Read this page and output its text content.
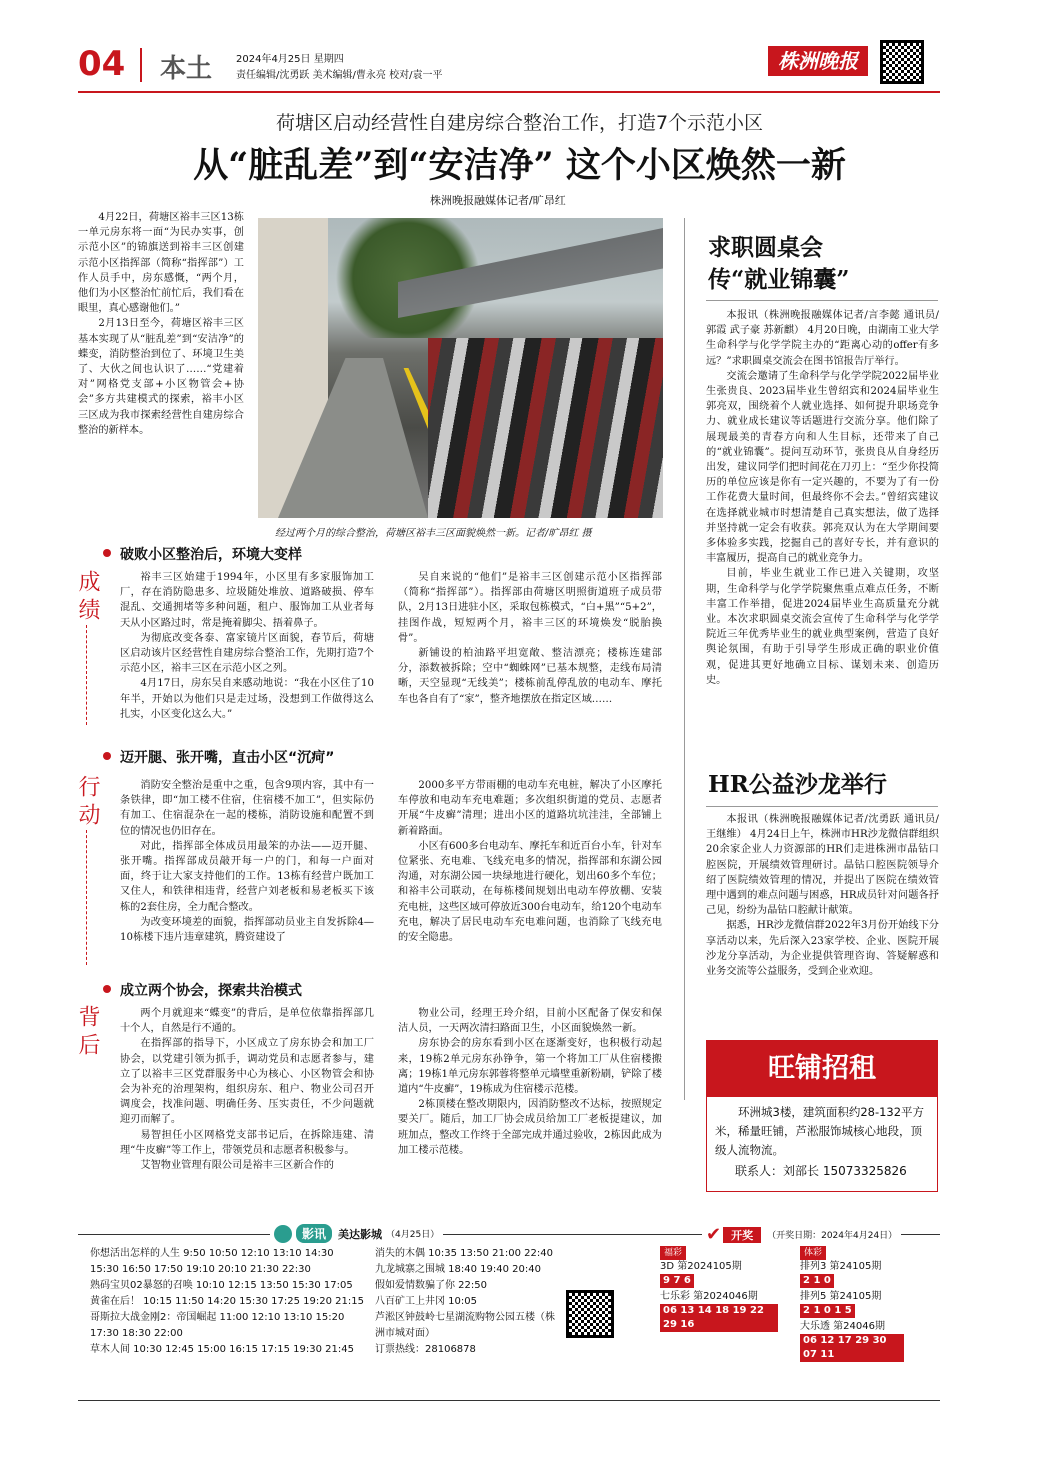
04 本土 2024年4月25日 星期四
责任编辑/沈勇跃 美术编辑/曹永亮 校对/袁一平
株洲晚报
荷塘区启动经营性自建房综合整治工作，打造7个示范小区
从“脏乱差”到“安洁净” 这个小区焕然一新
株洲晚报融媒体记者/旷昂红

4月22日，荷塘区裕丰三区13栋一单元房东将一面“为民办实事，创示范小区”的锦旗送到裕丰三区创建示范小区指挥部（简称“指挥部”）工作人员手中，房东感慨，“两个月，他们为小区整治忙前忙后，我们看在眼里，真心感谢他们。”

2月13日至今，荷塘区裕丰三区基本实现了从“脏乱差”到“安洁净”的蝶变，消防整治到位了、环境卫生美了、大伙之间也认识了……“党建着对”网格党支部+小区物管会+协会”多方共建模式的探索，裕丰小区三区成为我市探索经营性自建房综合整治的新样本。

经过两个月的综合整治，荷塘区裕丰三区面貌焕然一新。记者/旷昂红 摄
破败小区整治后，环境大变样
成绩	裕丰三区始建于1994年，小区里有多家服饰加工厂，存在消防隐患多、垃圾随处堆放、道路破损、停车混乱、交通拥堵等多种问题，租户、服饰加工从业者每天从小区路过时，常是掩着脚尖、捂着鼻子。

为彻底改变各泰、富家镜片区面貌，春节后，荷塘区启动该片区经营性自建房综合整治工作，先期打造7个示范小区，裕丰三区在示范小区之列。

4月17日，房东吴自来感动地说：“我在小区住了10年半，开始以为他们只是走过场，没想到工作做得这么扎实，小区变化这么大。”

吴自来说的“他们”是裕丰三区创建示范小区指挥部（简称“指挥部”）。指挥部由荷塘区明照街道班子成员带队，2月13日进驻小区，采取包栋模式，“白+黑”“5+2”，挂图作战，短短两个月，裕丰三区的环境焕发“脱胎换骨”。

新铺设的柏油路平坦宽敞、整洁漂亮；楼栋连建部分，添数被拆除；空中“蜘蛛网”已基本规整，走线布局清晰，天空显现“无线美”；楼栋前乱停乱放的电动车、摩托车也各自有了“家”，整齐地摆放在指定区域……

迈开腿、张开嘴，直击小区“沉疴”
行动	消防安全整治是重中之重，包含9项内容，其中有一条铁律，即“加工楼不住宿，住宿楼不加工”，但实际仍有加工、住宿混杂在一起的楼栋，消防设施和配置不到位的情况也仍旧存在。

对此，指挥部全体成员用最笨的办法——迈开腿、张开嘴。指挥部成员敲开每一户的门，和每一户面对面，终于让大家支持他们的工作。13栋有经营户既加工又住人，和铁律相违背，经营户刘老板和易老板买下该栋的2套住房，全力配合整改。

为改变环境差的面貌，指挥部动员业主自发拆除4—10栋楼下违片违章建筑，腾资建设了

2000多平方带雨棚的电动车充电桩，解决了小区摩托车停放和电动车充电难题；多次组织街道的党员、志愿者开展“牛皮癣”清理；进出小区的道路坑坑洼洼，全部铺上新着路面。

小区有600多台电动车、摩托车和近百台小车，针对车位紧张、充电难、飞线充电多的情况，指挥部和东湖公园沟通，对东湖公园一块绿地进行硬化，划出60多个车位；和裕丰公司联动，在每栋楼间规划出电动车停放棚、安装充电桩，这些区域可停放近300台电动车，给120个电动车充电，解决了居民电动车充电难问题，也消除了飞线充电的安全隐患。

成立两个协会，探索共治模式
背后	两个月就迎来“蝶变”的背后，是单位依靠指挥部几十个人，自然是行不通的。

在指挥部的指导下，小区成立了房东协会和加工厂协会，以党建引领为抓手，调动党员和志愿者参与，建立了以裕丰三区党群服务中心为核心、小区物管会和协会为补充的治理架构，组织房东、租户、物业公司召开调度会，找准问题、明确任务、压实责任，不少问题就迎刃而解了。

易智担任小区网格党支部书记后，在拆除违建、清理“牛皮癣”等工作上，带领党员和志愿者积极参与。

艾智物业管理有限公司是裕丰三区新合作的

物业公司，经理王玲介绍，目前小区配备了保安和保洁人员，一天两次清扫路面卫生，小区面貌焕然一新。

房东协会的房东看到小区在逐渐变好，也积极行动起来，19栋2单元房东孙铮争，第一个将加工厂从住宿楼搬离；19栋1单元房东郭蓉将整单元墙壁重新粉刷，铲除了楼道内“牛皮癣”，19栋成为住宿楼示范楼。

2栋顶楼在整改期限内，因消防整改不达标，按照规定要关厂。随后，加工厂协会成员给加工厂老板提建议，加班加点，整改工作终于全部完成并通过验收，2栋因此成为加工楼示范楼。

求职圆桌会
传“就业锦囊”

本报讯（株洲晚报融媒体记者/言李懿 通讯员/郭霞 武子豪 苏新麒） 4月20日晚，由湖南工业大学生命科学与化学学院主办的“距离心动的offer有多远？”求职圆桌交流会在图书馆报告厅举行。

交流会邀请了生命科学与化学学院2022届毕业生张贵良、2023届毕业生曾绍宾和2024届毕业生郭亮双，围绕着个人就业选择、如何提升职场竞争力、就业成长建议等话题进行交流分享。他们除了展现最美的青春方向和人生目标，还带来了自己的“就业锦囊”。提问互动环节，张贵良从自身经历出发，建议同学们把时间花在刀刃上：“至少你投简历的单位应该是你有一定兴趣的，不要为了有一份工作花费大量时间，但最终你不会去。”曾绍宾建议在选择就业城市时想清楚自己真实想法，做了选择并坚持就一定会有收获。郭亮双认为在大学期间要多体验多实践，挖掘自己的喜好专长，并有意识的丰富履历，提高自己的就业竞争力。

目前，毕业生就业工作已进入关键期，攻坚期，生命科学与化学学院聚焦重点难点任务，不断丰富工作举措，促进2024届毕业生高质量充分就业。本次求职圆桌交流会宣传了生命科学与化学学院近三年优秀毕业生的就业典型案例，营造了良好舆论氛围，有助于引导学生形成正确的职业价值观，促进其更好地确立目标、谋划未来、创造历史。

HR公益沙龙举行

本报讯（株洲晚报融媒体记者/沈勇跃 通讯员/王继维） 4月24日上午，株洲市HR沙龙微信群组织20余家企业人力资源部的HR们走进株洲市晶钻口腔医院，开展绩效管理研讨。晶钻口腔医院领导介绍了医院绩效管理的情况，并提出了医院在绩效管理中遇到的难点问题与困惑，HR成员针对问题各抒己见，纷纷为晶钻口腔献计献策。

据悉，HR沙龙微信群2022年3月份开始线下分享活动以来，先后深入23家学校、企业、医院开展沙龙分享活动，为企业提供管理咨询、答疑解惑和业务交流等公益服务，受到企业欢迎。

旺铺招租
环洲城3楼，建筑面积约28-132平方米，稀量旺铺，芦淞服饰城核心地段，顶级人流物流。
联系人：刘部长 15073325826
影讯	美达影城 （4月25日）
你想活出怎样的人生 9:50 10:50 12:10 13:10 14:30 15:30 16:50 17:50 19:10 20:10 21:30 22:30
熟码宝贝02暴怒的召唤 10:10 12:15 13:50 15:30 17:05
黄雀在后！ 10:15 11:50 14:20 15:30 17:25 19:20 21:15
哥斯拉大战金刚2：帝国崛起 11:00 12:10 13:10 15:20 17:30 18:30 22:00
草木人间 10:30 12:45 15:00 16:15 17:15 19:30 21:45
消失的木偶 10:35 13:50 21:00 22:40
九龙城寨之围城 18:40 19:40 20:40
假如爱情数骗了你 22:50
八百矿工上井冈 10:05
芦淞区钟鼓岭七星湖流购物公园五楼（株洲市城对面）
订票热线：28106878
✔ 开奖	（开奖日期：2024年4月24日）
福彩
3D 第2024105期
9 7 6
七乐彩 第2024046期
06 13 14 18 19 22 29 16
体彩
排列3 第24105期
2 1 0
排列5 第24105期
2 1 0 1 5
大乐透 第24046期
06 12 17 29 30 07 11
